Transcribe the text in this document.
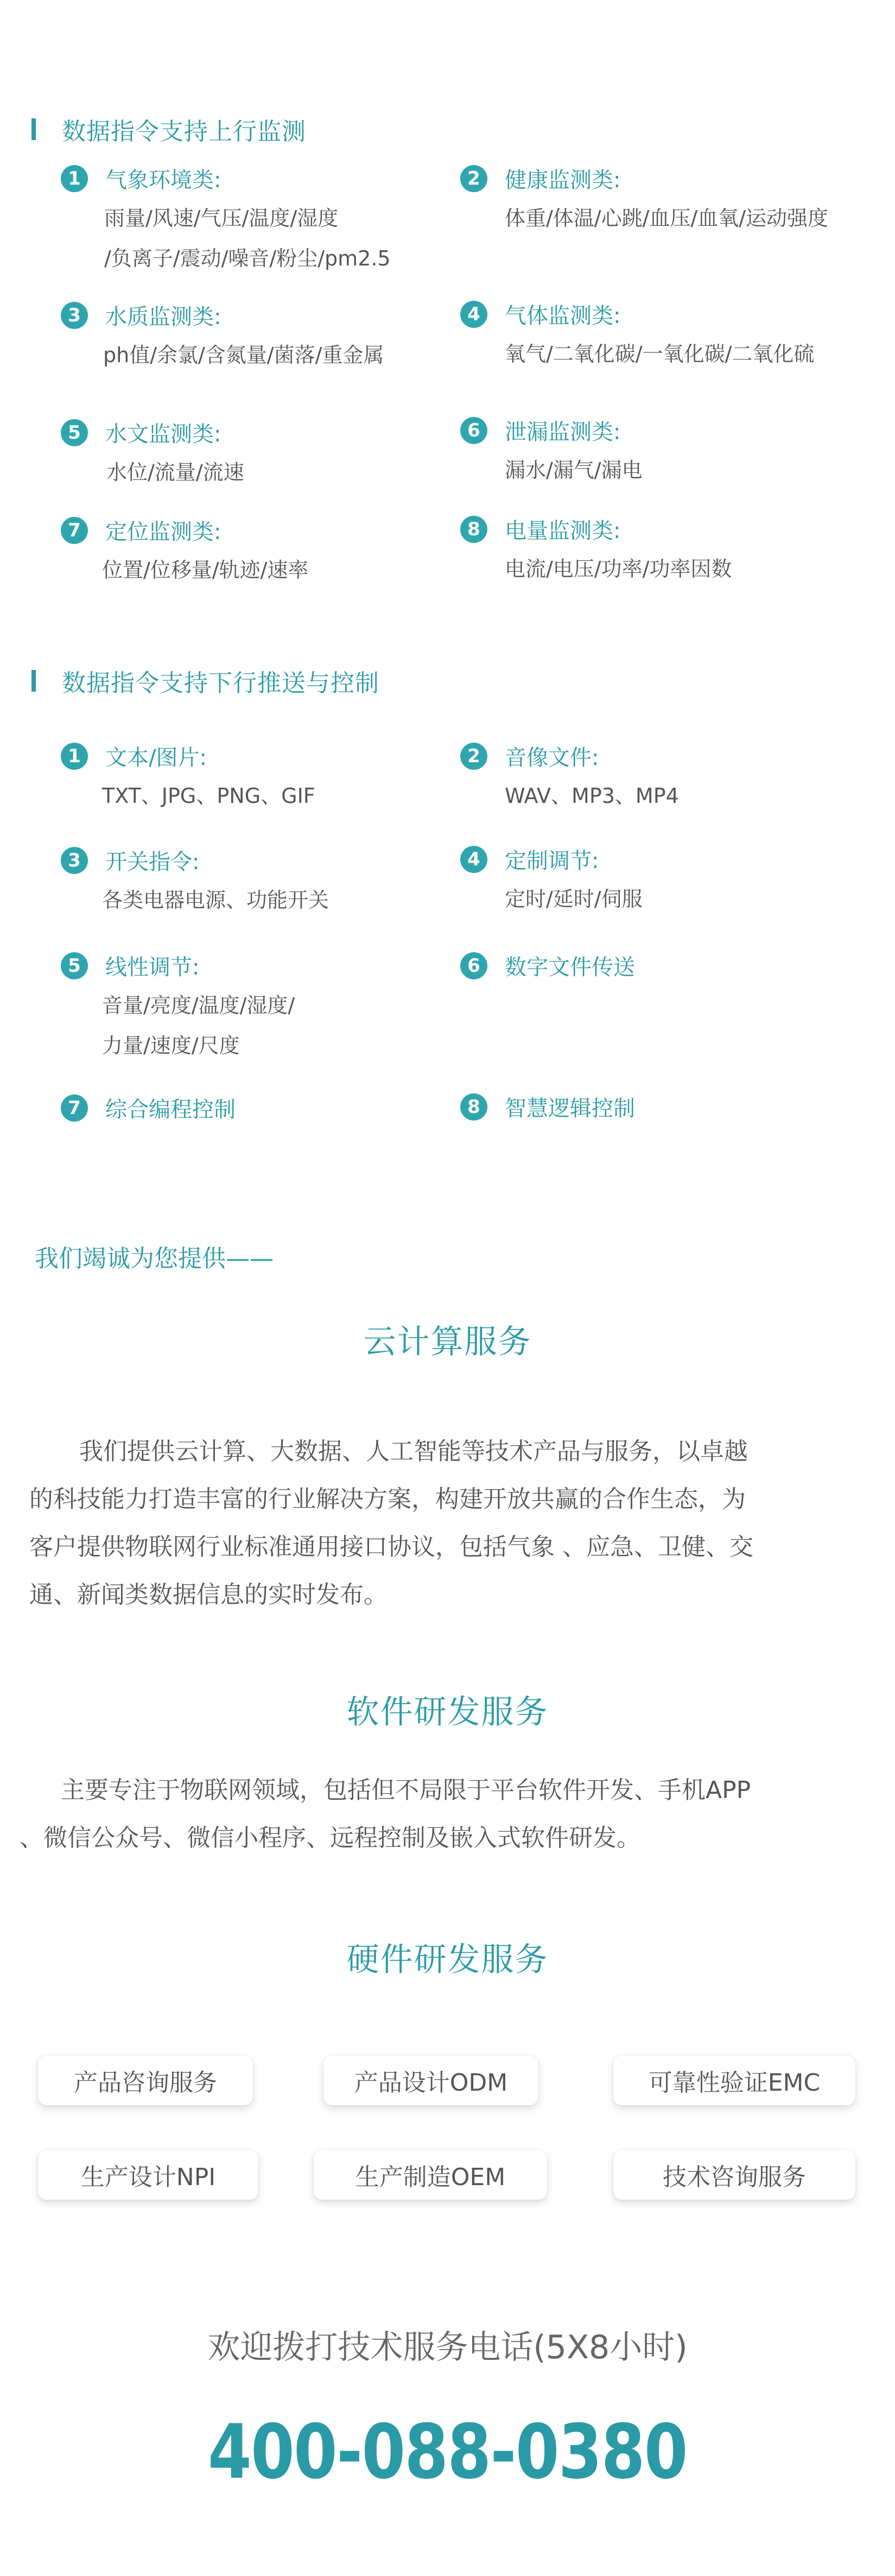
数据指令支持上行监测
1	气象环境类:
雨量/风速/气压/温度/湿度
/负离子/震动/噪音/粉尘/pm2.5
2	健康监测类:
体重/体温/心跳/血压/血氧/运动强度
3	水质监测类:
ph值/余氯/含氮量/菌落/重金属
4	气体监测类:
氧气/二氧化碳/一氧化碳/二氧化硫
5	水文监测类:
水位/流量/流速
6	泄漏监测类:
漏水/漏气/漏电
7	定位监测类:
位置/位移量/轨迹/速率
8	电量监测类:
电流/电压/功率/功率因数
数据指令支持下行推送与控制
1	文本/图片:
TXT、JPG、PNG、GIF
2	音像文件:
WAV、MP3、MP4
3	开关指令:
各类电器电源、功能开关
4	定制调节:
定时/延时/伺服
5	线性调节:
音量/亮度/温度/湿度/
力量/速度/尺度
6	数字文件传送
7	综合编程控制	8	智慧逻辑控制
我们竭诚为您提供——
云计算服务
我们提供云计算、大数据、人工智能等技术产品与服务，以卓越
的科技能力打造丰富的行业解决方案，构建开放共赢的合作生态，为
客户提供物联网行业标准通用接口协议，包括气象 、应急、卫健、交
通、新闻类数据信息的实时发布。
软件研发服务
主要专注于物联网领域，包括但不局限于平台软件开发、手机APP
、微信公众号、微信小程序、远程控制及嵌入式软件研发。
硬件研发服务
产品咨询服务	产品设计ODM	可靠性验证EMC
生产设计NPI	生产制造OEM	技术咨询服务
欢迎拨打技术服务电话(5X8小时)
400-088-0380
